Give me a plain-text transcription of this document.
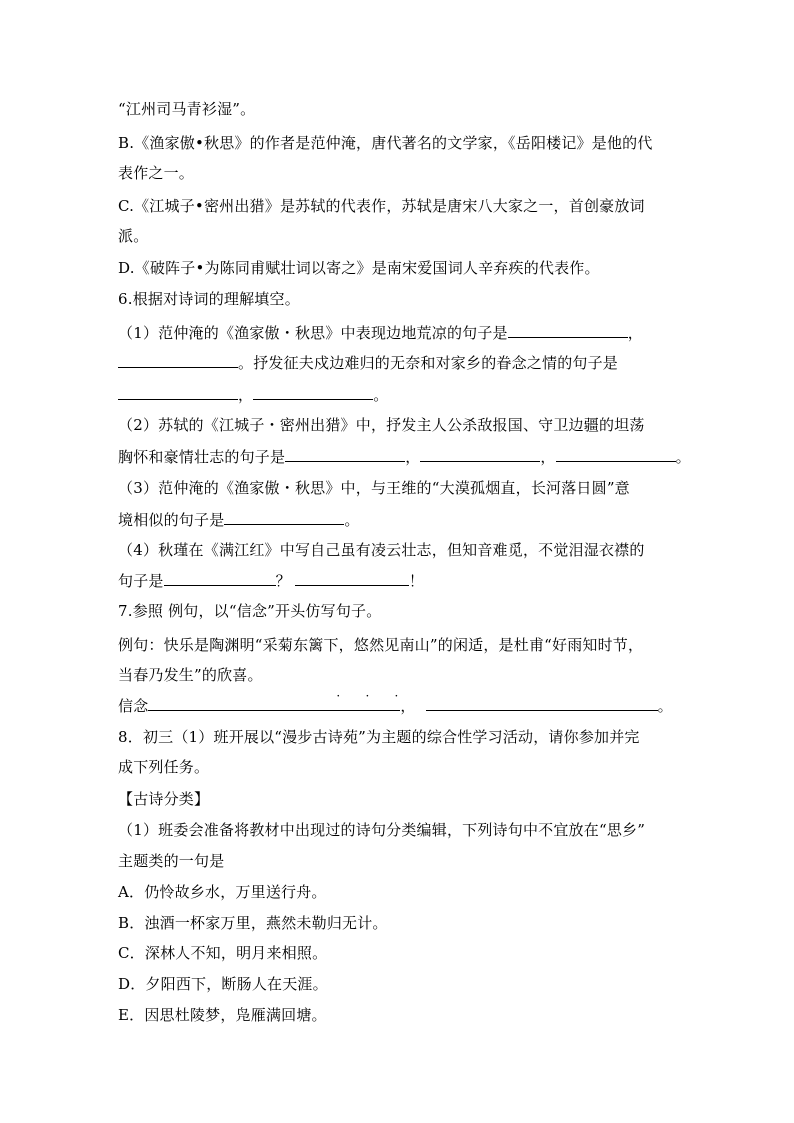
“江州司马青衫湿”。
B.《渔家傲•秋思》的作者是范仲淹，唐代著名的文学家，《岳阳楼记》是他的代
表作之一。
C.《江城子•密州出猎》是苏轼的代表作，苏轼是唐宋八大家之一，首创豪放词
派。
D.《破阵子•为陈同甫赋壮词以寄之》是南宋爱国词人辛弃疾的代表作。
6.根据对诗词的理解填空。
（1）范仲淹的《渔家傲・秋思》中表现边地荒凉的句子是	，
。抒发征夫戍边难归的无奈和对家乡的眷念之情的句子是
，	。
（2）苏轼的《江城子・密州出猎》中，抒发主人公杀敌报国、守卫边疆的坦荡
胸怀和豪情壮志的句子是	，	，	。
（3）范仲淹的《渔家傲・秋思》中，与王维的“大漠孤烟直，长河落日圆”意
境相似的句子是	。
（4）秋瑾在《满江红》中写自己虽有凌云壮志，但知音难觅，不觉泪湿衣襟的
句子是	？	！
7.参照 例句，以“信念”开头仿写句子。
例句：快乐是陶渊明“采菊东篱下，悠然见南山”的闲适，是杜甫“好雨知时节，
当春乃发生”的欣喜。
信念·	，	。
8．初三（1）班开展以“漫步古诗苑”为主题的综合性学习活动，请你参加并完
成下列任务。
【古诗分类】
（1）班委会准备将教材中出现过的诗句分类编辑，下列诗句中不宜放在“思乡”
主题类的一句是
A．仍怜故乡水，万里送行舟。
B．浊酒一杯家万里，燕然未勒归无计。
C．深林人不知，明月来相照。
D．夕阳西下，断肠人在天涯。
E．因思杜陵梦，凫雁满回塘。
